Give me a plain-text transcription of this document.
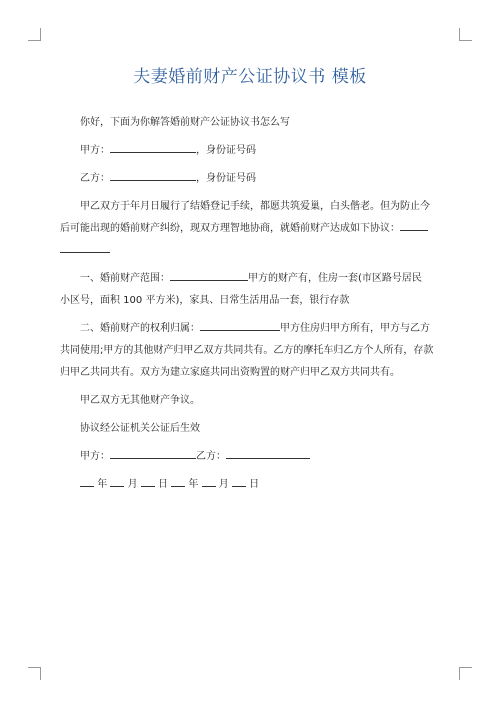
夫妻婚前财产公证协议书 模板

你好，下面为你解答婚前财产公证协议书怎么写

甲方：	，身份证号码

乙方：	，身份证号码

甲乙双方于年月日履行了结婚登记手续，都愿共筑爱巢，白头偕老。但为防止今

后可能出现的婚前财产纠纷，现双方理智地协商，就婚前财产达成如下协议：

一、婚前财产范围：	甲方的财产有，住房一套(市区路号居民

小区号，面积 100 平方米)，家具、日常生活用品一套，银行存款

二、婚前财产的权利归属：	甲方住房归甲方所有，甲方与乙方

共同使用;甲方的其他财产归甲乙双方共同共有。乙方的摩托车归乙方个人所有，存款

归甲乙共同共有。双方为建立家庭共同出资购置的财产归甲乙双方共同共有。

甲乙双方无其他财产争议。

协议经公证机关公证后生效

甲方：	乙方：

年 月 日 年 月 日
